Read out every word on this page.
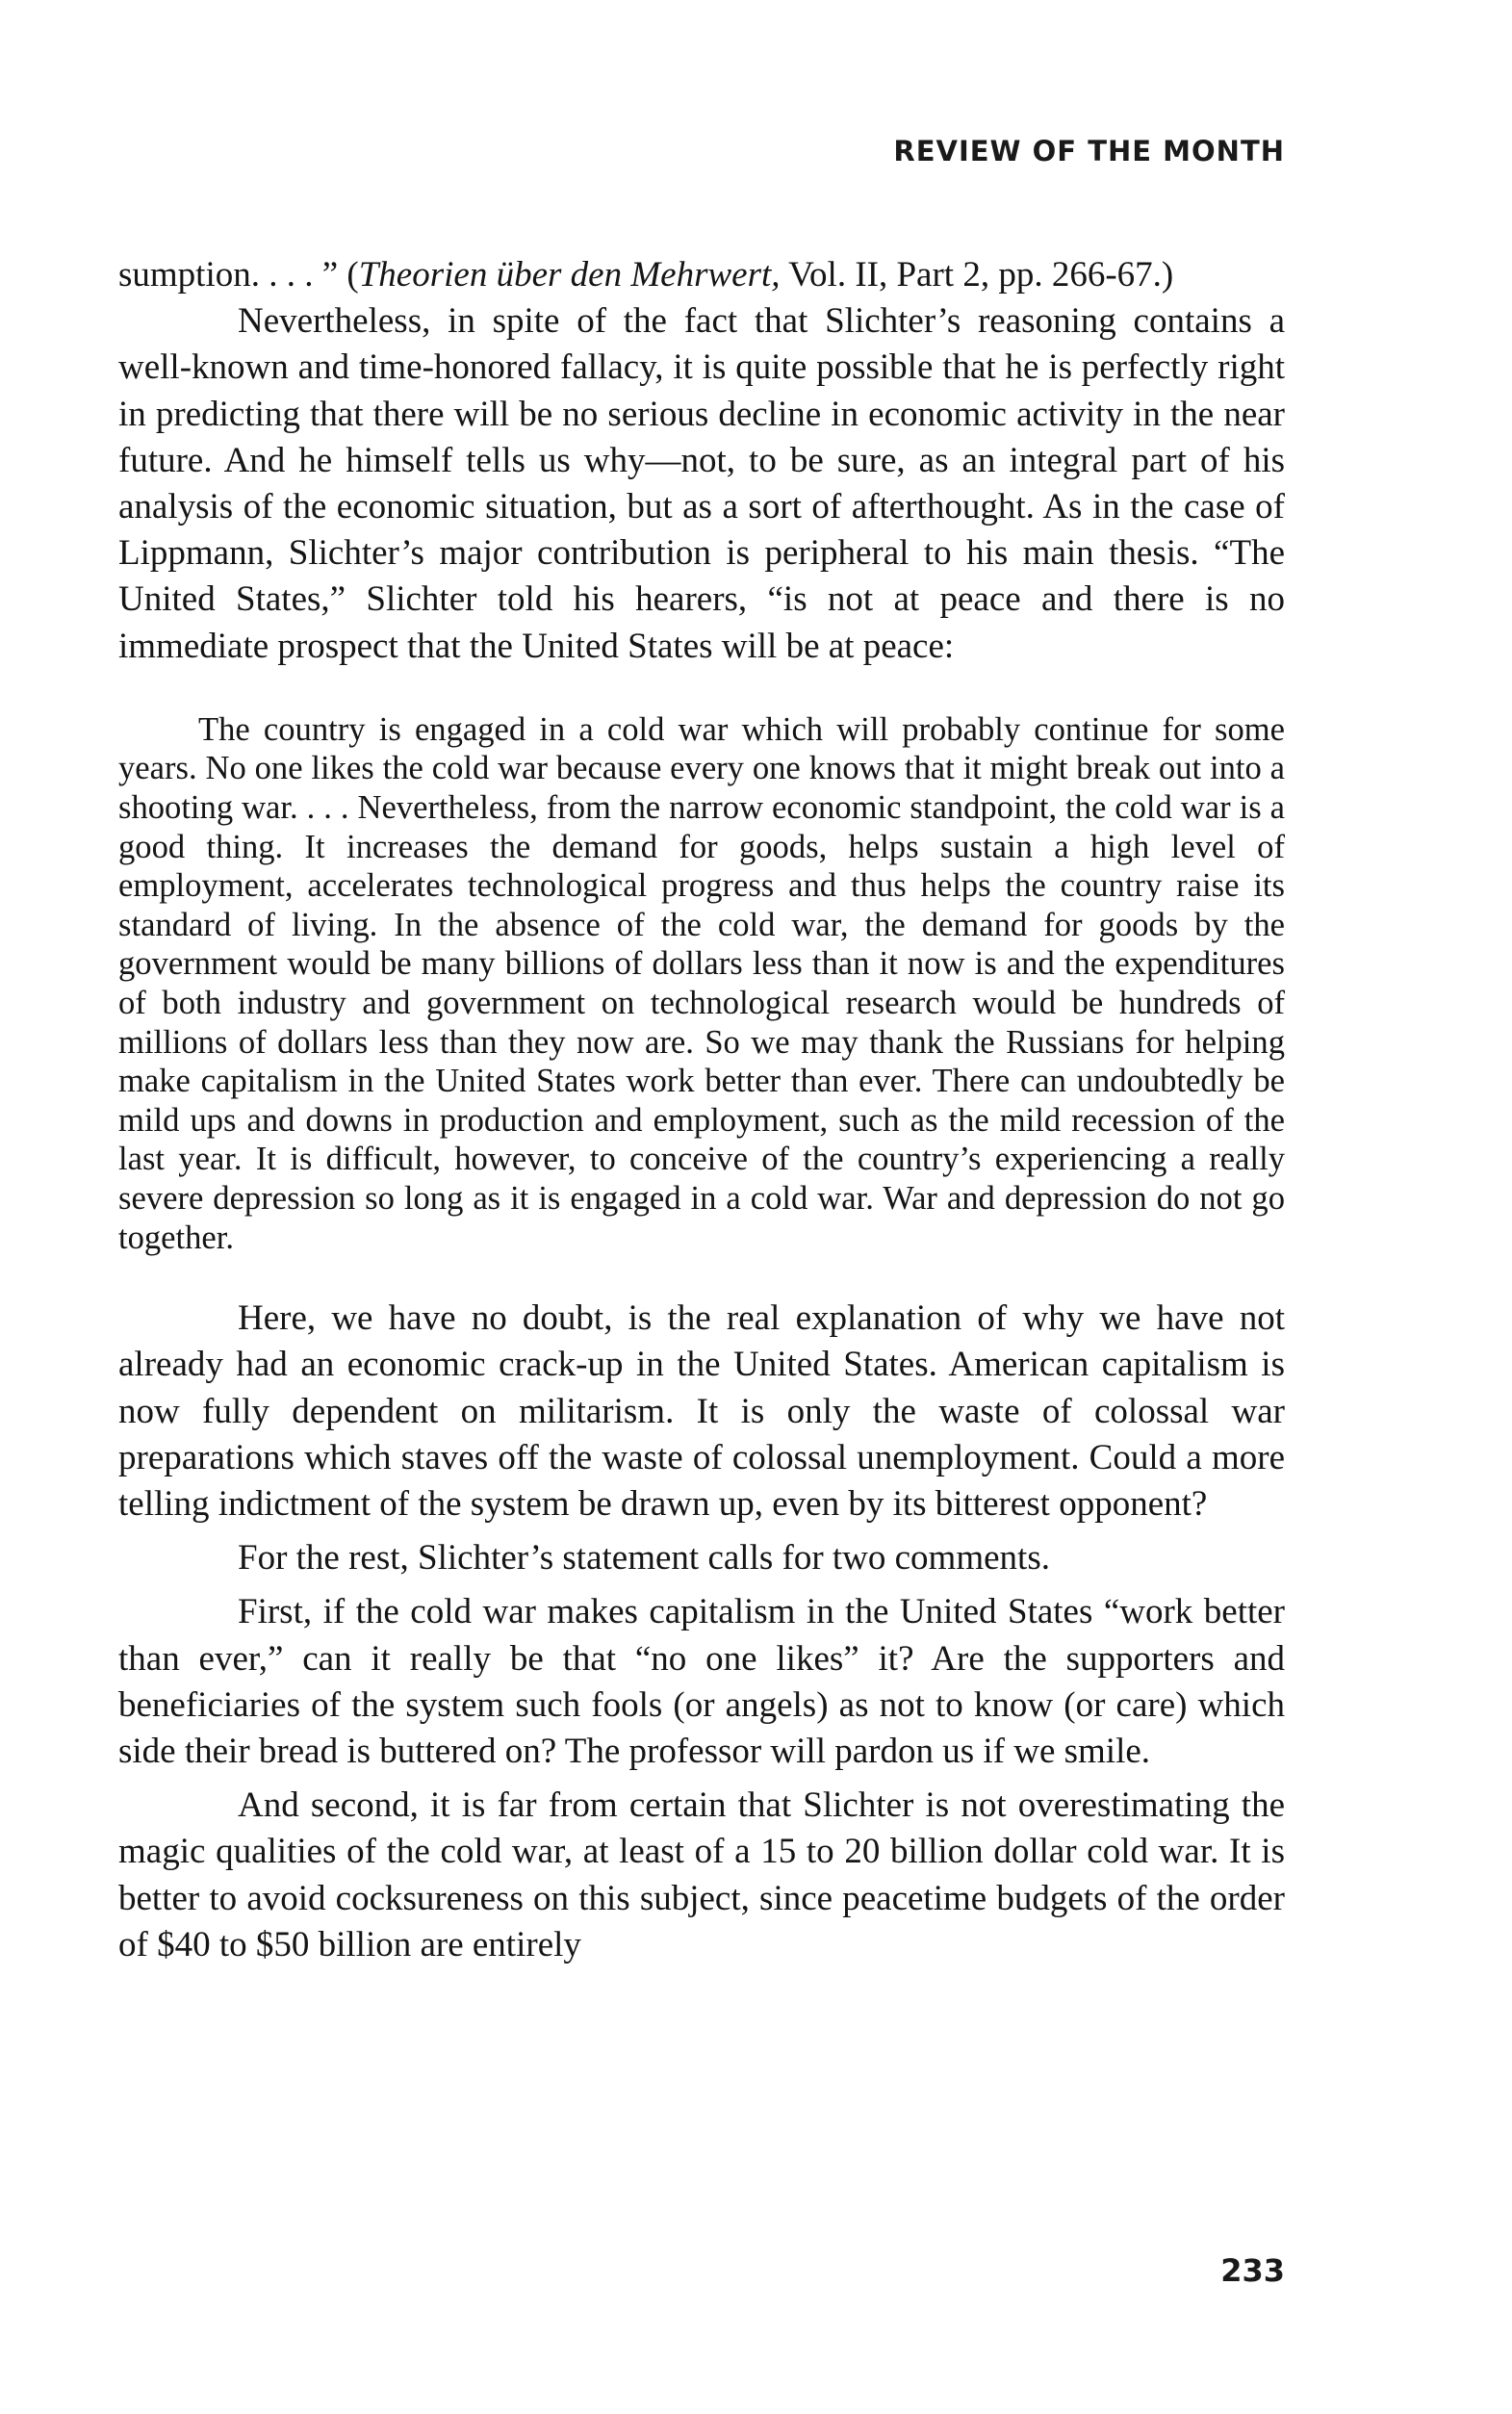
REVIEW OF THE MONTH

sumption. . . . ” (Theorien über den Mehrwert, Vol. II, Part 2, pp. 266-67.)

Nevertheless, in spite of the fact that Slichter’s reasoning contains a well-known and time-honored fallacy, it is quite possible that he is perfectly right in predicting that there will be no serious decline in economic activity in the near future. And he himself tells us why—not, to be sure, as an integral part of his analysis of the economic situation, but as a sort of afterthought. As in the case of Lippmann, Slichter’s major contribution is peripheral to his main thesis. “The United States,” Slichter told his hearers, “is not at peace and there is no immediate prospect that the United States will be at peace:

The country is engaged in a cold war which will probably continue for some years. No one likes the cold war because every one knows that it might break out into a shooting war. . . . Nevertheless, from the narrow economic standpoint, the cold war is a good thing. It increases the demand for goods, helps sustain a high level of employment, accelerates technological progress and thus helps the country raise its standard of living. In the absence of the cold war, the demand for goods by the government would be many billions of dollars less than it now is and the expenditures of both industry and government on technological research would be hundreds of millions of dollars less than they now are. So we may thank the Russians for helping make capitalism in the United States work better than ever. There can undoubtedly be mild ups and downs in production and employment, such as the mild recession of the last year. It is difficult, however, to conceive of the country’s experiencing a really severe depression so long as it is engaged in a cold war. War and depression do not go together.

Here, we have no doubt, is the real explanation of why we have not already had an economic crack-up in the United States. American capitalism is now fully dependent on militarism. It is only the waste of colossal war preparations which staves off the waste of colossal unemployment. Could a more telling indictment of the system be drawn up, even by its bitterest opponent?

For the rest, Slichter’s statement calls for two comments.

First, if the cold war makes capitalism in the United States “work better than ever,” can it really be that “no one likes” it? Are the supporters and beneficiaries of the system such fools (or angels) as not to know (or care) which side their bread is buttered on? The professor will pardon us if we smile.

And second, it is far from certain that Slichter is not overestimating the magic qualities of the cold war, at least of a 15 to 20 billion dollar cold war. It is better to avoid cocksureness on this subject, since peacetime budgets of the order of $40 to $50 billion are entirely

233
